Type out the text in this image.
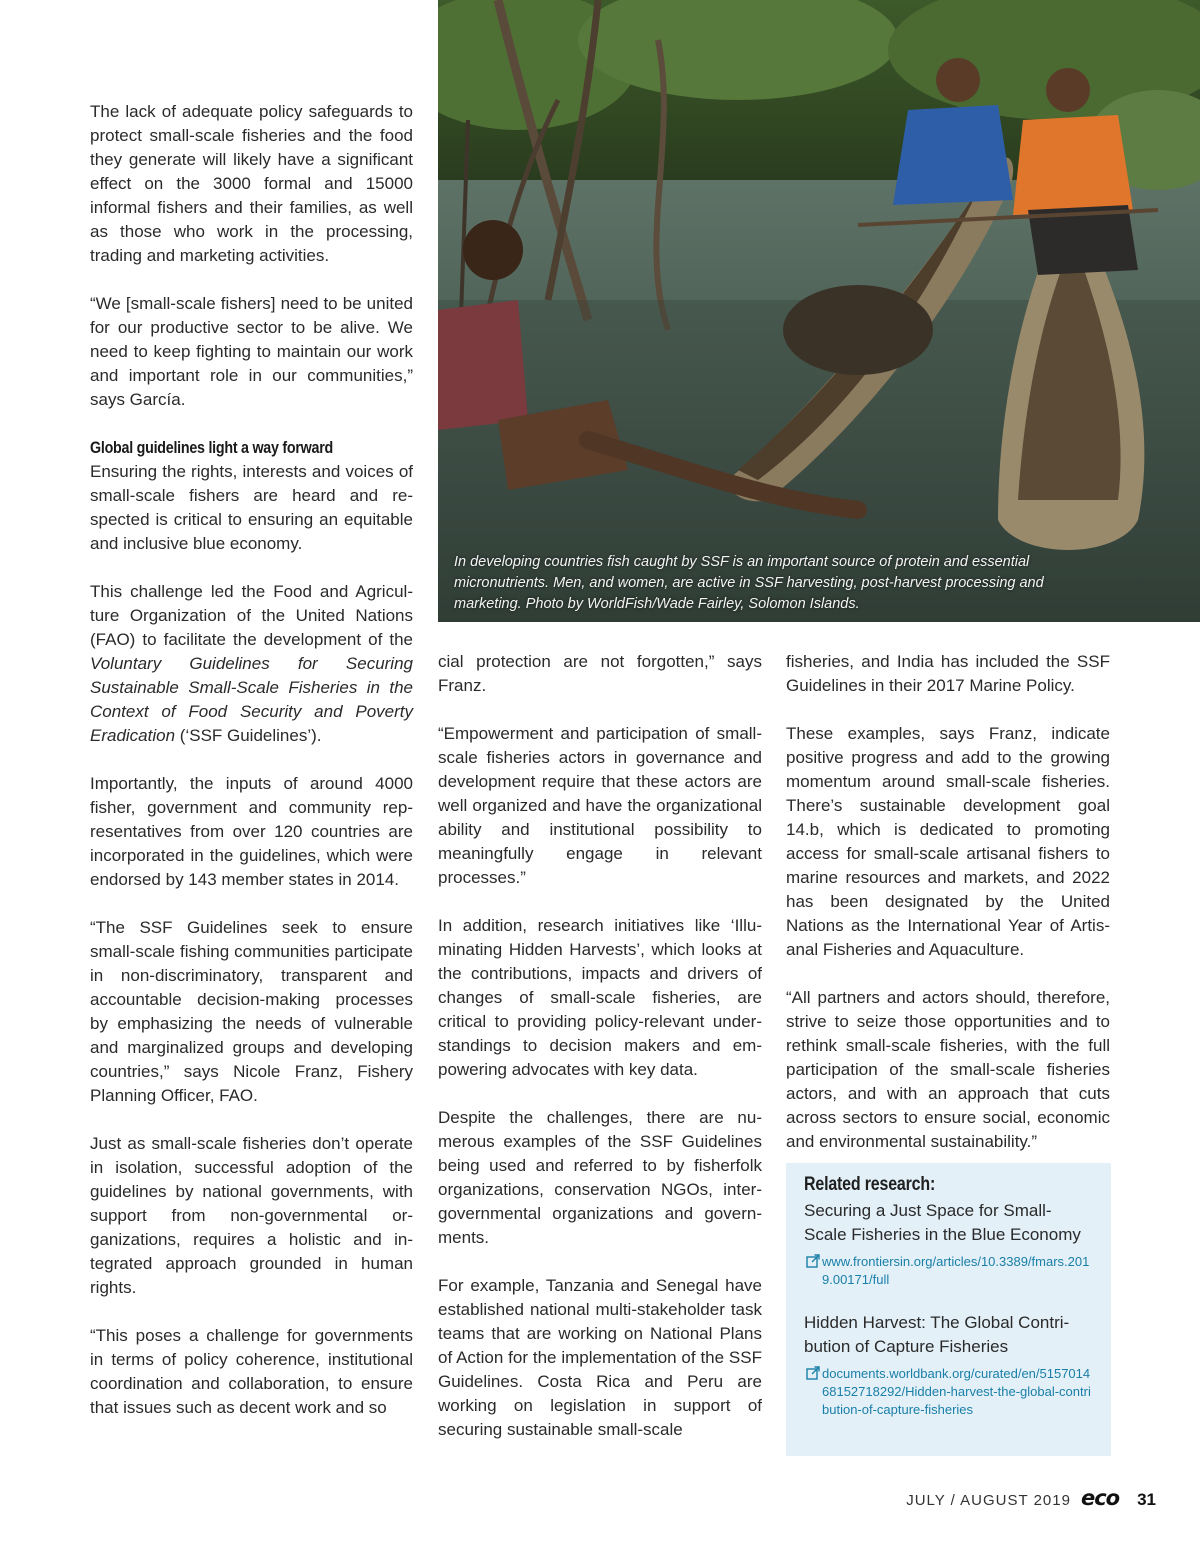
The lack of adequate policy safeguards to protect small-scale fisheries and the food they generate will likely have a significant effect on the 3000 formal and 15000 informal fishers and their families, as well as those who work in the processing, trading and marketing activities.

“We [small-scale fishers] need to be united for our productive sector to be alive. We need to keep fighting to maintain our work and important role in our communities,” says García.

Global guidelines light a way forward

Ensuring the rights, interests and voices of small-scale fishers are heard and respected is critical to ensuring an equitable and inclusive blue economy.

This challenge led the Food and Agriculture Organization of the United Nations (FAO) to facilitate the development of the Voluntary Guidelines for Securing Sustainable Small-Scale Fisheries in the Context of Food Security and Poverty Eradication (‘SSF Guidelines’).

Importantly, the inputs of around 4000 fisher, government and community representatives from over 120 countries are incorporated in the guidelines, which were endorsed by 143 member states in 2014.

“The SSF Guidelines seek to ensure small-scale fishing communities participate in non-discriminatory, transparent and accountable decision-making processes by emphasizing the needs of vulnerable and marginalized groups and developing countries,” says Nicole Franz, Fishery Planning Officer, FAO.

Just as small-scale fisheries don’t operate in isolation, successful adoption of the guidelines by national governments, with support from non-governmental organizations, requires a holistic and integrated approach grounded in human rights.

“This poses a challenge for governments in terms of policy coherence, institutional coordination and collaboration, to ensure that issues such as decent work and so

In developing countries fish caught by SSF is an important source of protein and essential micronutrients. Men, and women, are active in SSF harvesting, post-harvest processing and marketing. Photo by WorldFish/Wade Fairley, Solomon Islands.

cial protection are not forgotten,” says Franz.

“Empowerment and participation of small-scale fisheries actors in governance and development require that these actors are well organized and have the organizational ability and institutional possibility to meaningfully engage in relevant processes.”

In addition, research initiatives like ‘Illuminating Hidden Harvests’, which looks at the contributions, impacts and drivers of changes of small-scale fisheries, are critical to providing policy-relevant understandings to decision makers and empowering advocates with key data.

Despite the challenges, there are numerous examples of the SSF Guidelines being used and referred to by fisherfolk organizations, conservation NGOs, intergovernmental organizations and governments.

For example, Tanzania and Senegal have established national multi-stakeholder task teams that are working on National Plans of Action for the implementation of the SSF Guidelines. Costa Rica and Peru are working on legislation in support of securing sustainable small-scale

fisheries, and India has included the SSF Guidelines in their 2017 Marine Policy.

These examples, says Franz, indicate positive progress and add to the growing momentum around small-scale fisheries. There’s sustainable development goal 14.b, which is dedicated to promoting access for small-scale artisanal fishers to marine resources and markets, and 2022 has been designated by the United Nations as the International Year of Artisanal Fisheries and Aquaculture.

“All partners and actors should, therefore, strive to seize those opportunities and to rethink small-scale fisheries, with the full participation of the small-scale fisheries actors, and with an approach that cuts across sectors to ensure social, economic and environmental sustainability.”

Related research:
Securing a Just Space for Small-Scale Fisheries in the Blue Economy
www.frontiersin.org/articles/10.3389/fmars.2019.00171/full
Hidden Harvest: The Global Contribution of Capture Fisheries
documents.worldbank.org/curated/en/515701468152718292/Hidden-harvest-the-global-contribution-of-capture-fisheries
JULY / AUGUST 2019 eco 31
